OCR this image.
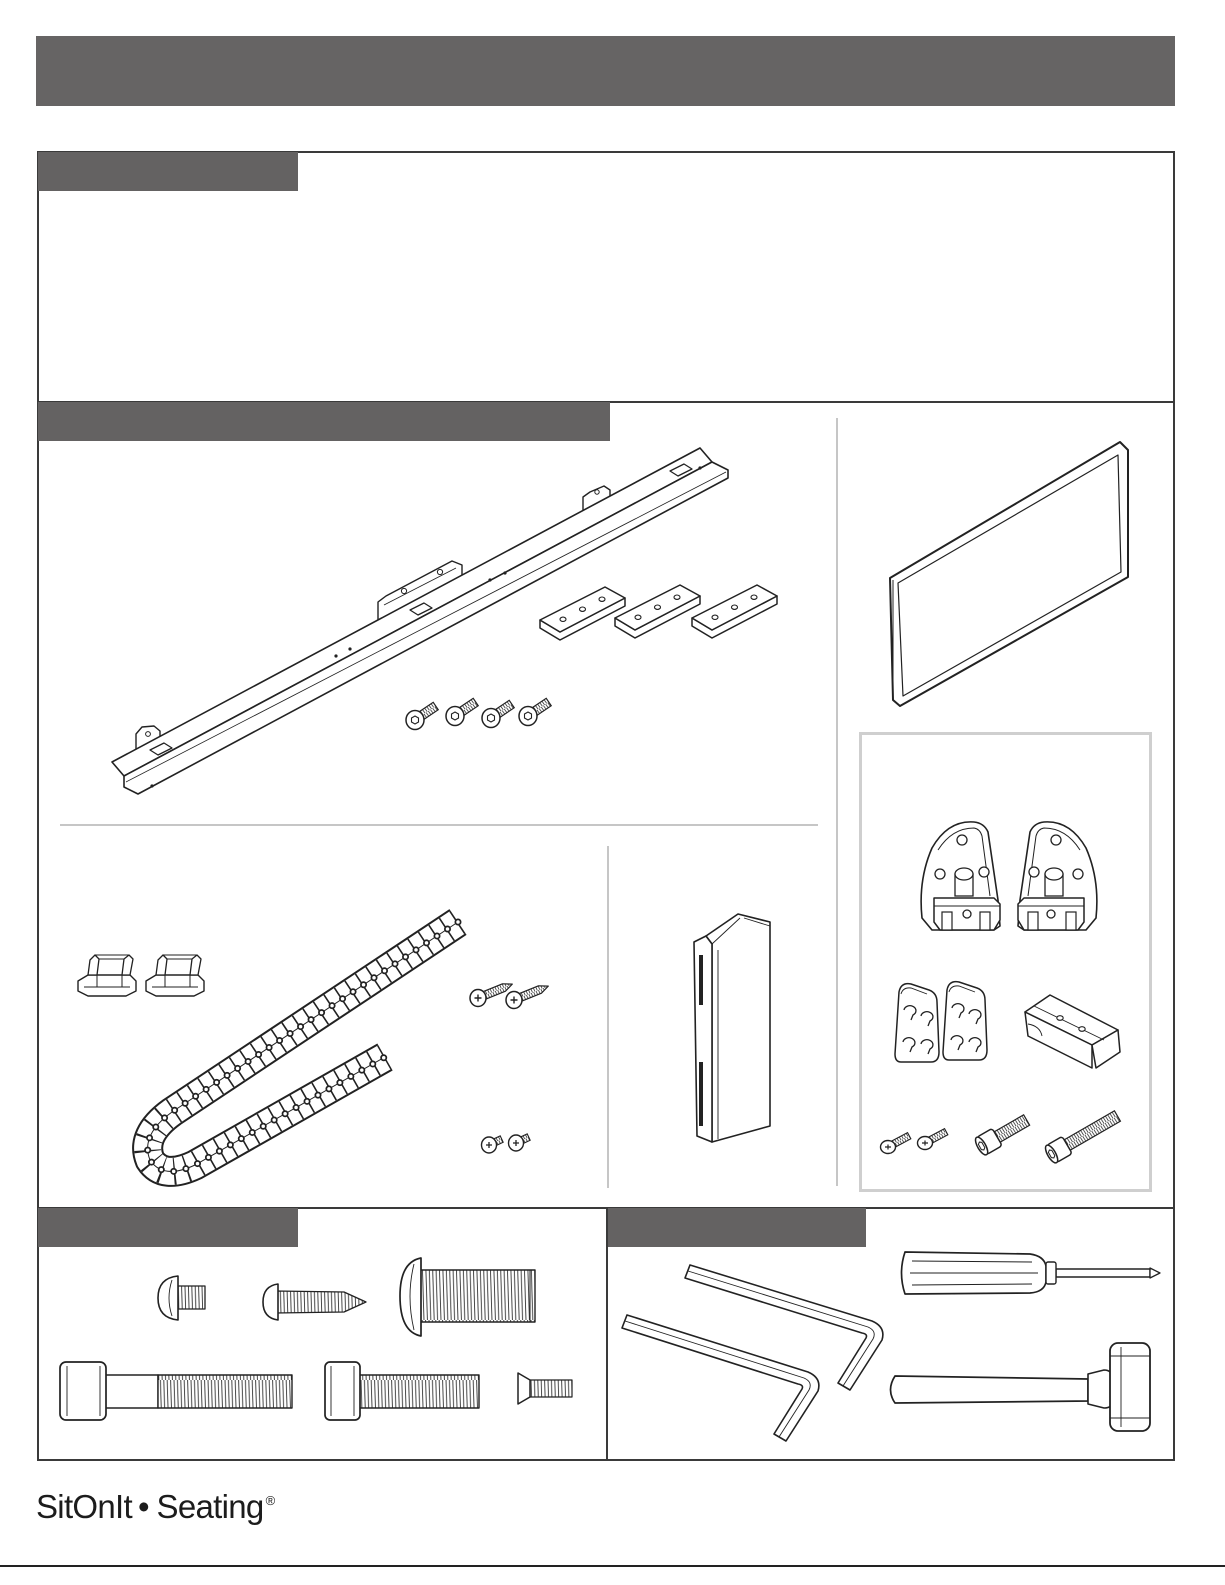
SitOnIt • Seating ®
